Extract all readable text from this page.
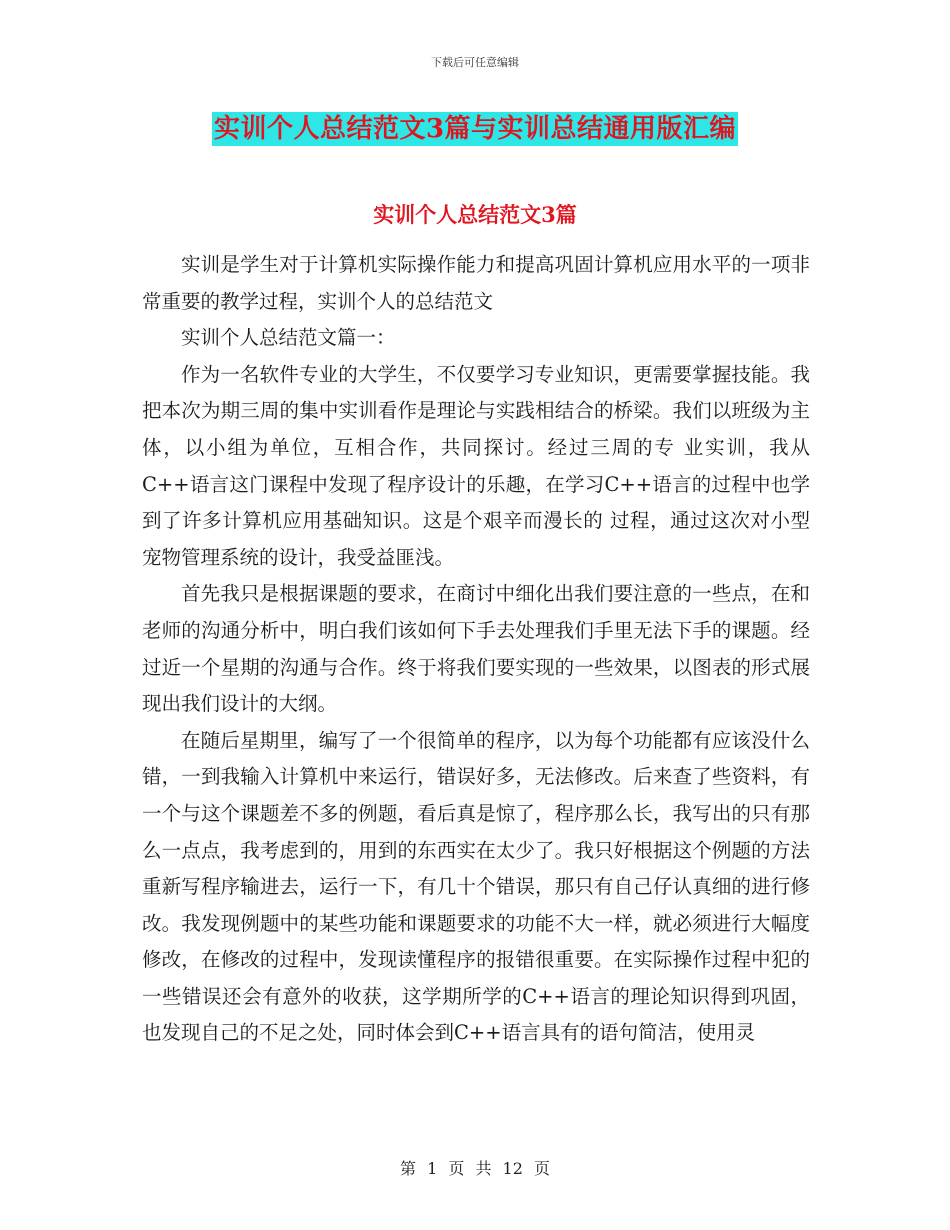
下载后可任意编辑
实训个人总结范文3篇与实训总结通用版汇编
实训个人总结范文3篇

实训是学生对于计算机实际操作能力和提高巩固计算机应用水平的一项非常重要的教学过程，实训个人的总结范文

实训个人总结范文篇一：

作为一名软件专业的大学生，不仅要学习专业知识，更需要掌握技能。我把本次为期三周的集中实训看作是理论与实践相结合的桥梁。我们以班级为主体，以小组为单位，互相合作，共同探讨。经过三周的专 业实训，我从C++语言这门课程中发现了程序设计的乐趣，在学习C++语言的过程中也学到了许多计算机应用基础知识。这是个艰辛而漫长的 过程，通过这次对小型宠物管理系统的设计，我受益匪浅。

首先我只是根据课题的要求，在商讨中细化出我们要注意的一些点，在和老师的沟通分析中，明白我们该如何下手去处理我们手里无法下手的课题。经过近一个星期的沟通与合作。终于将我们要实现的一些效果，以图表的形式展现出我们设计的大纲。

在随后星期里，编写了一个很简单的程序，以为每个功能都有应该没什么错，一到我输入计算机中来运行，错误好多，无法修改。后来查了些资料，有一个与这个课题差不多的例题，看后真是惊了，程序那么长，我写出的只有那么一点点，我考虑到的，用到的东西实在太少了。我只好根据这个例题的方法重新写程序输进去，运行一下，有几十个错误，那只有自己仔认真细的进行修改。我发现例题中的某些功能和课题要求的功能不大一样，就必须进行大幅度修改，在修改的过程中，发现读懂程序的报错很重要。在实际操作过程中犯的一些错误还会有意外的收获，这学期所学的C++语言的理论知识得到巩固，也发现自己的不足之处，同时体会到C++语言具有的语句简洁，使用灵

第 1 页 共 12 页
